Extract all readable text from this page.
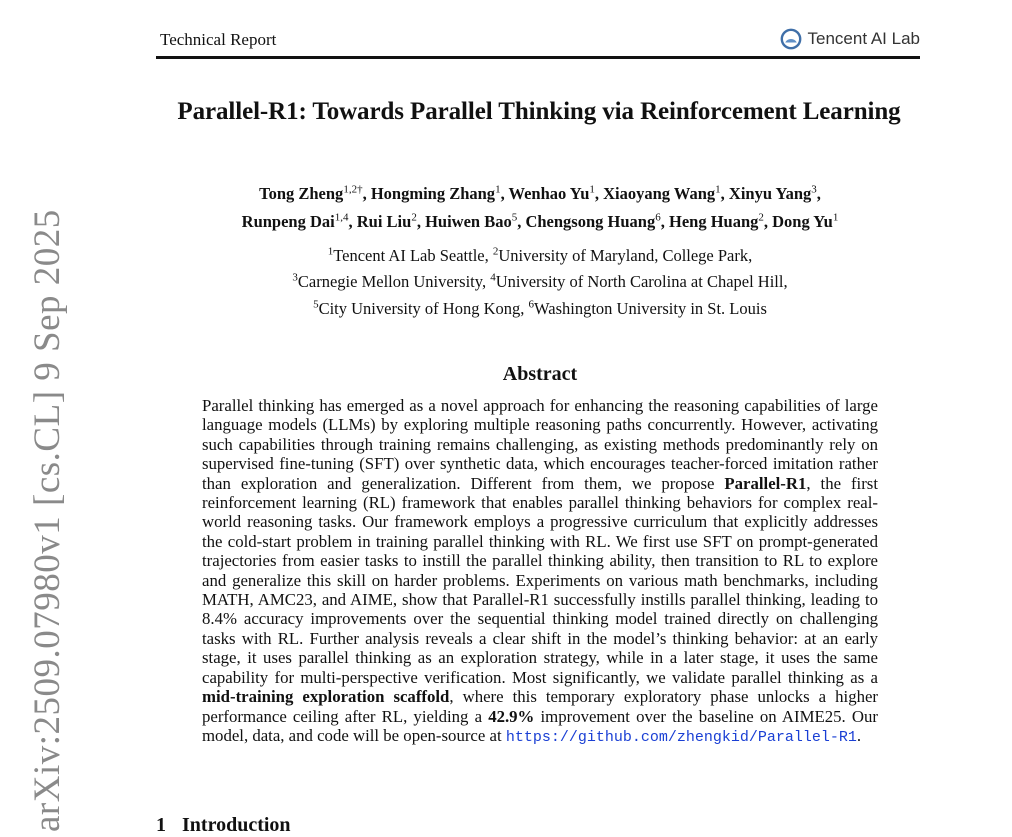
Technical Report	Tencent AI Lab
Parallel-R1: Towards Parallel Thinking via Reinforcement Learning
Tong Zheng$^{1,2\dagger}$, Hongming Zhang$^1$, Wenhao Yu$^1$, Xiaoyang Wang$^1$, Xinyu Yang$^3$,
Runpeng Dai$^{1,4}$, Rui Liu$^2$, Huiwen Bao$^5$, Chengsong Huang$^6$, Heng Huang$^2$, Dong Yu$^1$
$^1$Tencent AI Lab Seattle, $^2$University of Maryland, College Park,
$^3$Carnegie Mellon University, $^4$University of North Carolina at Chapel Hill,
$^5$City University of Hong Kong, $^6$Washington University in St. Louis
Abstract
Parallel thinking has emerged as a novel approach for enhancing the reasoning capabilities of large language models (LLMs) by exploring multiple reasoning paths concurrently. However, activating such capabilities through training remains challenging, as existing methods predominantly rely on supervised fine-tuning (SFT) over synthetic data, which encourages teacher-forced imitation rather than exploration and generalization. Different from them, we propose Parallel-R1, the first reinforcement learning (RL) framework that enables parallel thinking behaviors for complex real-world reasoning tasks. Our framework employs a progressive curriculum that explicitly addresses the cold-start problem in training parallel thinking with RL. We first use SFT on prompt-generated trajectories from easier tasks to instill the parallel thinking ability, then transition to RL to explore and generalize this skill on harder problems. Experiments on various math benchmarks, including MATH, AMC23, and AIME, show that Parallel-R1 successfully instills parallel thinking, leading to 8.4% accuracy improvements over the sequential thinking model trained directly on challenging tasks with RL. Further analysis reveals a clear shift in the model’s thinking behavior: at an early stage, it uses parallel thinking as an exploration strategy, while in a later stage, it uses the same capability for multi-perspective verification. Most significantly, we validate parallel thinking as a mid-training exploration scaffold, where this temporary exploratory phase unlocks a higher performance ceiling after RL, yielding a 42.9% improvement over the baseline on AIME25. Our model, data, and code will be open-source at https://github.com/zhengkid/Parallel-R1.
1 Introduction
arXiv:2509.07980v1 [cs.CL] 9 Sep 2025
